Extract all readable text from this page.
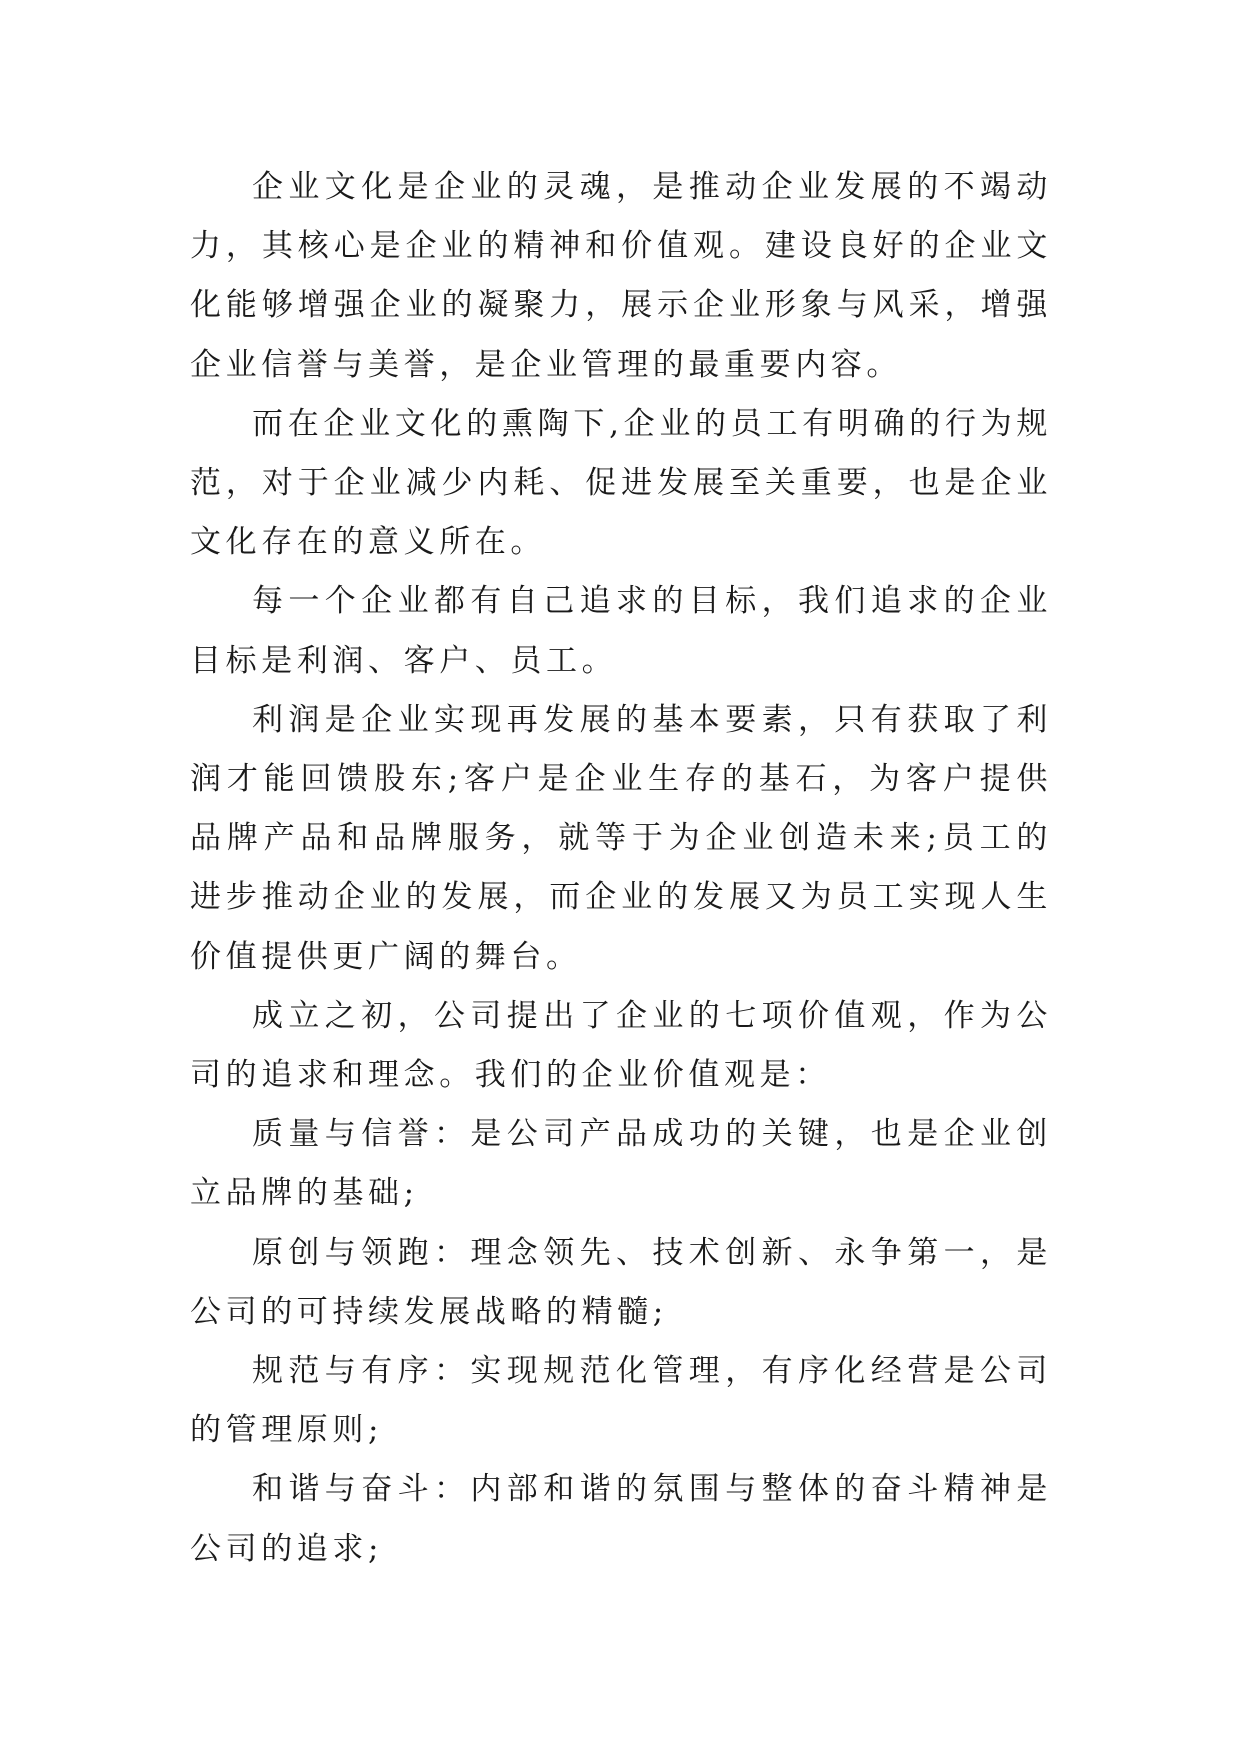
企业文化是企业的灵魂，是推动企业发展的不竭动力，其核心是企业的精神和价值观。建设良好的企业文化能够增强企业的凝聚力，展示企业形象与风采，增强企业信誉与美誉，是企业管理的最重要内容。

而在企业文化的熏陶下,企业的员工有明确的行为规范，对于企业减少内耗、促进发展至关重要，也是企业文化存在的意义所在。

每一个企业都有自己追求的目标，我们追求的企业目标是利润、客户、员工。

利润是企业实现再发展的基本要素，只有获取了利润才能回馈股东;客户是企业生存的基石，为客户提供品牌产品和品牌服务，就等于为企业创造未来;员工的进步推动企业的发展，而企业的发展又为员工实现人生价值提供更广阔的舞台。

成立之初，公司提出了企业的七项价值观，作为公司的追求和理念。我们的企业价值观是：

质量与信誉：是公司产品成功的关键，也是企业创立品牌的基础;

原创与领跑：理念领先、技术创新、永争第一，是公司的可持续发展战略的精髓;

规范与有序：实现规范化管理，有序化经营是公司的管理原则;

和谐与奋斗：内部和谐的氛围与整体的奋斗精神是公司的追求;
